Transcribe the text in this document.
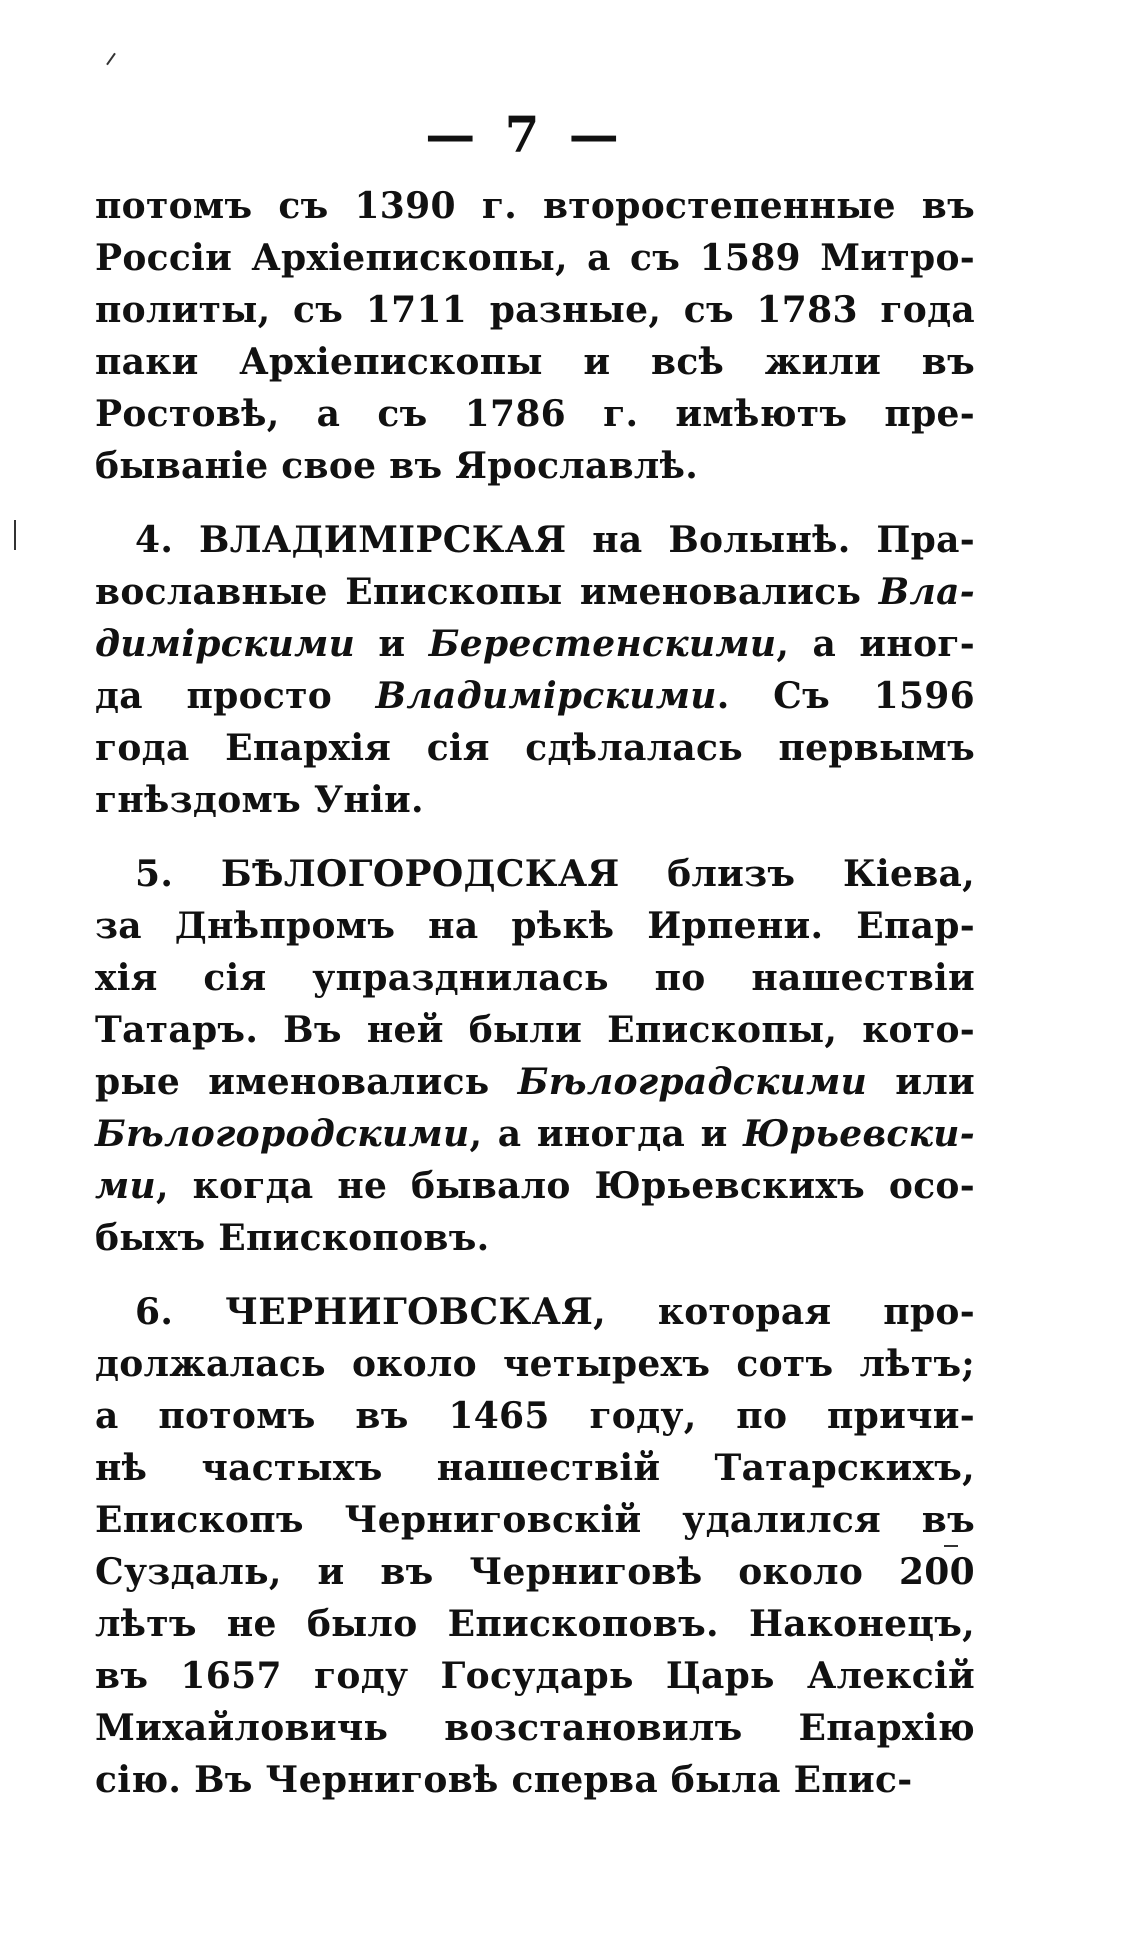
— 7 —
потомъ съ 1390 г. второстепенные въ
Россіи Архіепископы, а съ 1589 Митро-
политы, съ 1711 разные, съ 1783 года
паки Архіепископы и всѣ жили въ
Ростовѣ, а съ 1786 г. имѣютъ пре-
бываніе свое въ Ярославлѣ.
4. ВЛАДИМІРСКАЯ на Волынѣ. Пра-
вославные Епископы именовались Вла-
димірскими и Берестенскими, а иног-
да просто Владимірскими. Съ 1596
года Епархія сія сдѣлалась первымъ
гнѣздомъ Уніи.
5. БѢЛОГОРОДСКАЯ близъ Кіева,
за Днѣпромъ на рѣкѣ Ирпени. Епар-
хія сія упразднилась по нашествіи
Татаръ. Въ ней были Епископы, кото-
рые именовались Бѣлоградскими или
Бѣлогородскими, а иногда и Юрьевски-
ми, когда не бывало Юрьевскихъ осо-
быхъ Епископовъ.
6. ЧЕРНИГОВСКАЯ, которая про-
должалась около четырехъ сотъ лѣтъ;
а потомъ въ 1465 году, по причи-
нѣ частыхъ нашествій Татарскихъ,
Епископъ Черниговскій удалился въ
Суздаль, и въ Черниговѣ около 200
лѣтъ не было Епископовъ. Наконецъ,
въ 1657 году Государь Царь Алексій
Михайловичь возстановилъ Епархію
сію. Въ Черниговѣ сперва была Епис-
